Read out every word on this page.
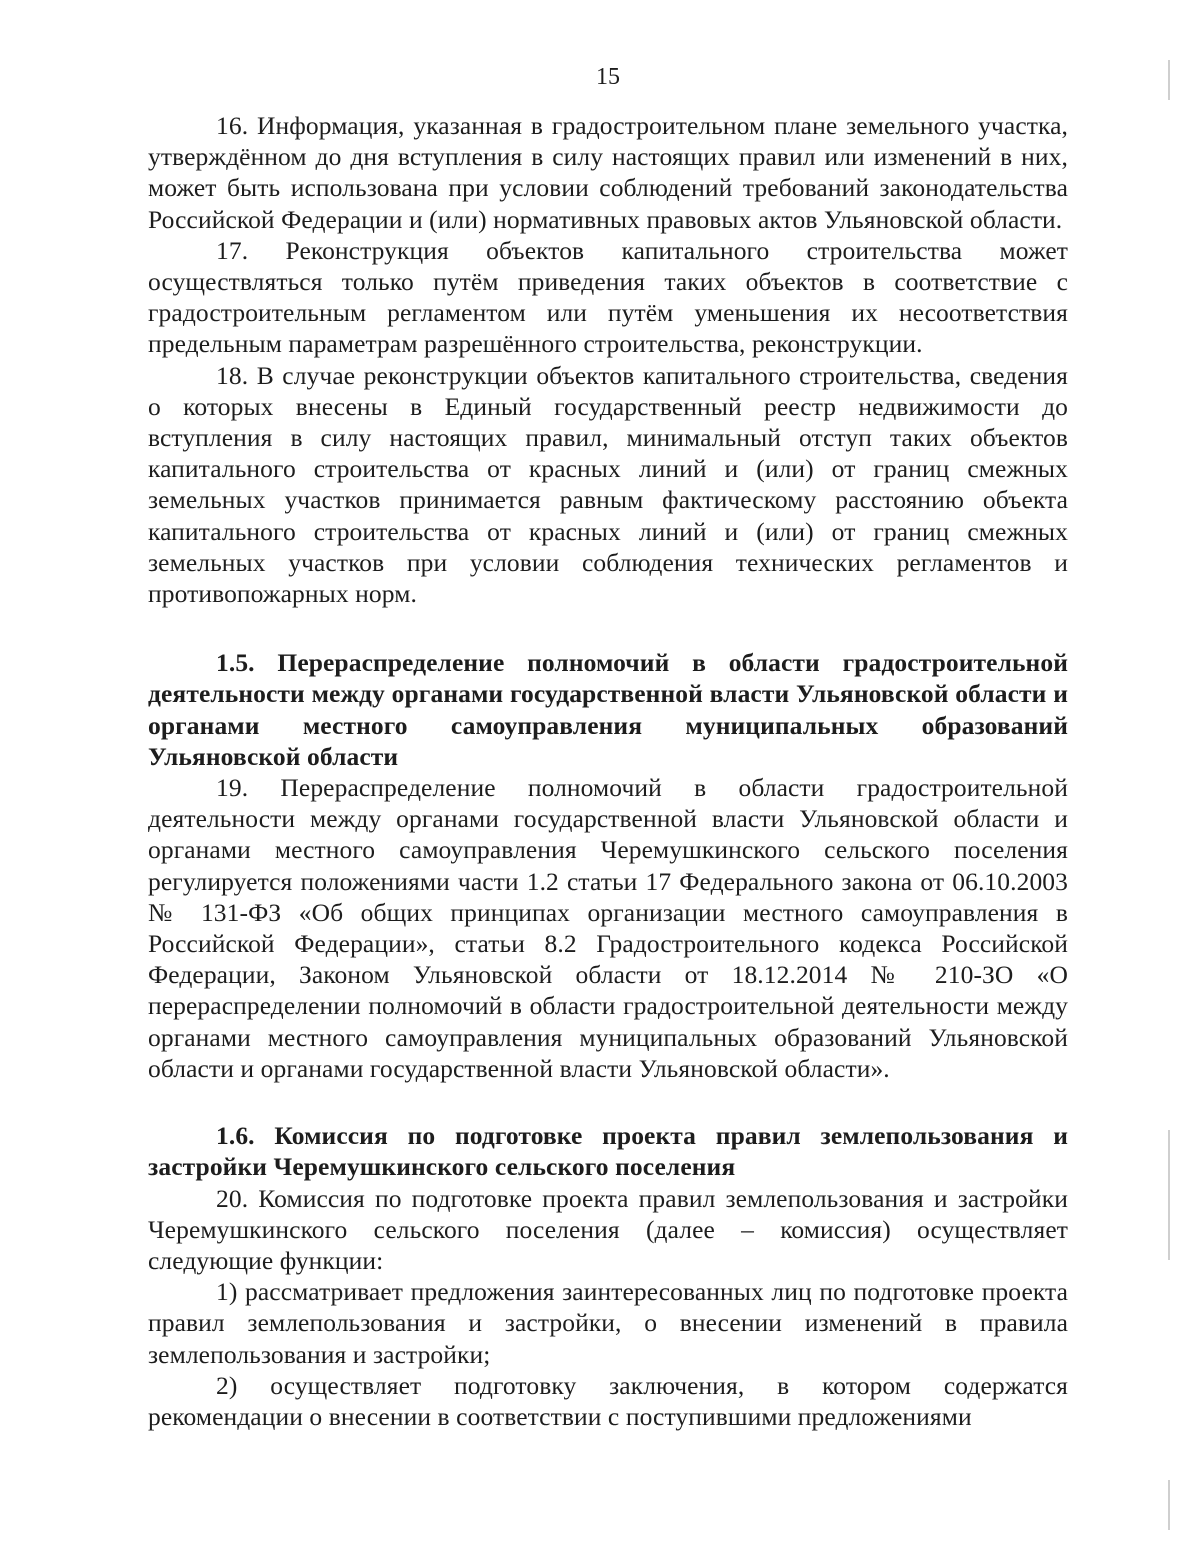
15

16. Информация, указанная в градостроительном плане земельного участка, утверждённом до дня вступления в силу настоящих правил или изменений в них, может быть использована при условии соблюдений требований законодательства Российской Федерации и (или) нормативных правовых актов Ульяновской области.

17. Реконструкция объектов капитального строительства может осуществляться только путём приведения таких объектов в соответствие с градостроительным регламентом или путём уменьшения их несоответствия предельным параметрам разрешённого строительства, реконструкции.

18. В случае реконструкции объектов капитального строительства, сведения о которых внесены в Единый государственный реестр недвижимости до вступления в силу настоящих правил, минимальный отступ таких объектов капитального строительства от красных линий и (или) от границ смежных земельных участков принимается равным фактическому расстоянию объекта капитального строительства от красных линий и (или) от границ смежных земельных участков при условии соблюдения технических регламентов и противопожарных норм.

1.5. Перераспределение полномочий в области градостроительной деятельности между органами государственной власти Ульяновской области и органами местного самоуправления муниципальных образований Ульяновской области

19. Перераспределение полномочий в области градостроительной деятельности между органами государственной власти Ульяновской области и органами местного самоуправления Черемушкинского сельского поселения регулируется положениями части 1.2 статьи 17 Федерального закона от 06.10.2003 № 131-ФЗ «Об общих принципах организации местного самоуправления в Российской Федерации», статьи 8.2 Градостроительного кодекса Российской Федерации, Законом Ульяновской области от 18.12.2014 № 210-ЗО «О перераспределении полномочий в области градостроительной деятельности между органами местного самоуправления муниципальных образований Ульяновской области и органами государственной власти Ульяновской области».

1.6. Комиссия по подготовке проекта правил землепользования и застройки Черемушкинского сельского поселения

20. Комиссия по подготовке проекта правил землепользования и застройки Черемушкинского сельского поселения (далее – комиссия) осуществляет следующие функции:

1) рассматривает предложения заинтересованных лиц по подготовке проекта правил землепользования и застройки, о внесении изменений в правила землепользования и застройки;

2) осуществляет подготовку заключения, в котором содержатся рекомендации о внесении в соответствии с поступившими предложениями
